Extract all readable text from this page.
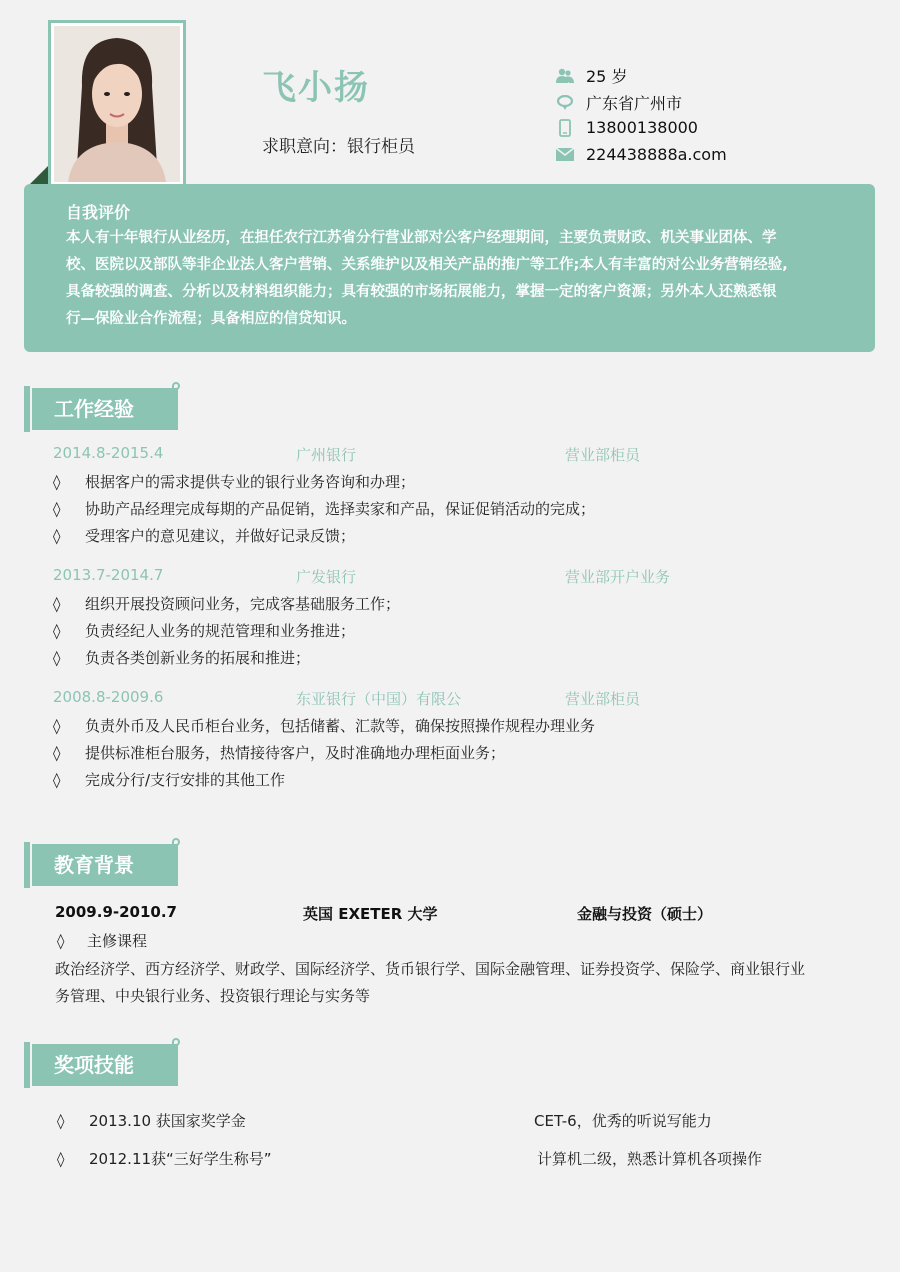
飞小扬
求职意向：银行柜员
25 岁
广东省广州市
13800138000
224438888a.com
自我评价

本人有十年银行从业经历，在担任农行江苏省分行营业部对公客户经理期间，主要负责财政、机关事业团体、学
校、医院以及部队等非企业法人客户营销、关系维护以及相关产品的推广等工作;本人有丰富的对公业务营销经验,
具备较强的调查、分析以及材料组织能力；具有较强的市场拓展能力，掌握一定的客户资源；另外本人还熟悉银
行—保险业合作流程；具备相应的信贷知识。

工作经验
2014.8-2015.4	广州银行	营业部柜员
◊ 根据客户的需求提供专业的银行业务咨询和办理；
◊ 协助产品经理完成每期的产品促销，选择卖家和产品，保证促销活动的完成；
◊ 受理客户的意见建议，并做好记录反馈；
2013.7-2014.7	广发银行	营业部开户业务
◊ 组织开展投资顾问业务，完成客基础服务工作；
◊ 负责经纪人业务的规范管理和业务推进；
◊ 负责各类创新业务的拓展和推进；
2008.8-2009.6	东亚银行（中国）有限公	营业部柜员
◊ 负责外币及人民币柜台业务，包括储蓄、汇款等，确保按照操作规程办理业务
◊ 提供标准柜台服务，热情接待客户，及时准确地办理柜面业务；
◊ 完成分行/支行安排的其他工作
教育背景
2009.9-2010.7	英国 EXETER 大学	金融与投资（硕士）
◊ 主修课程
政治经济学、西方经济学、财政学、国际经济学、货币银行学、国际金融管理、证券投资学、保险学、商业银行业
务管理、中央银行业务、投资银行理论与实务等
奖项技能
◊ 2013.10 获国家奖学金	CET-6，优秀的听说写能力
◊ 2012.11获“三好学生称号”	计算机二级，熟悉计算机各项操作
